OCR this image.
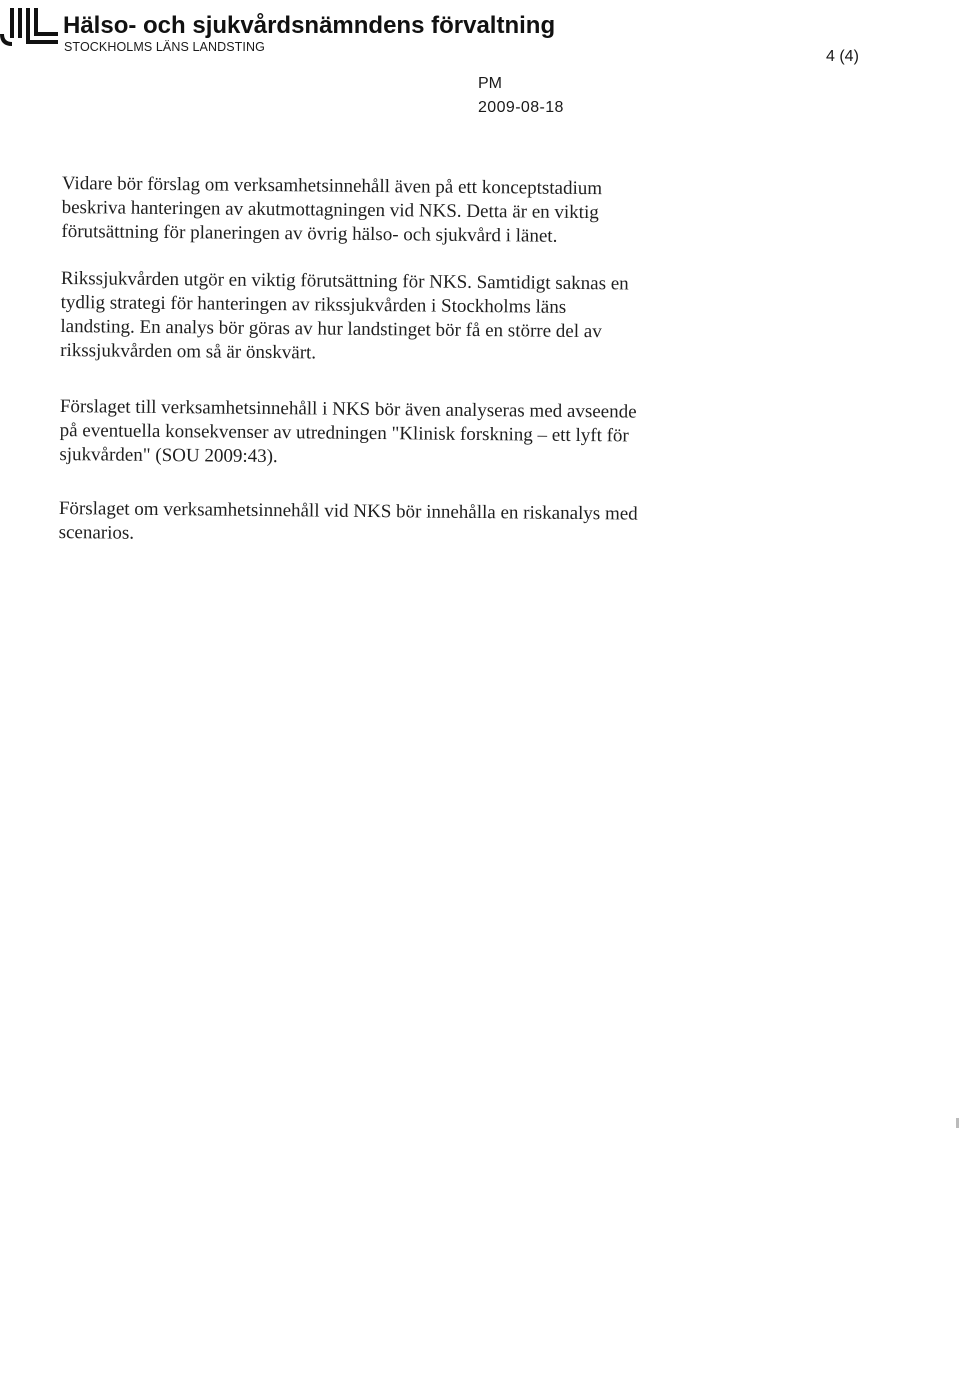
Hälso- och sjukvårdsnämndens förvaltning
STOCKHOLMS LÄNS LANDSTING
4 (4)
PM
2009-08-18
Vidare bör förslag om verksamhetsinnehåll även på ett konceptstadium
beskriva hanteringen av akutmottagningen vid NKS. Detta är en viktig
förutsättning för planeringen av övrig hälso- och sjukvård i länet.
Rikssjukvården utgör en viktig förutsättning för NKS. Samtidigt saknas en
tydlig strategi för hanteringen av rikssjukvården i Stockholms läns
landsting. En analys bör göras av hur landstinget bör få en större del av
rikssjukvården om så är önskvärt.
Förslaget till verksamhetsinnehåll i NKS bör även analyseras med avseende
på eventuella konsekvenser av utredningen "Klinisk forskning – ett lyft för
sjukvården" (SOU 2009:43).
Förslaget om verksamhetsinnehåll vid NKS bör innehålla en riskanalys med
scenarios.
